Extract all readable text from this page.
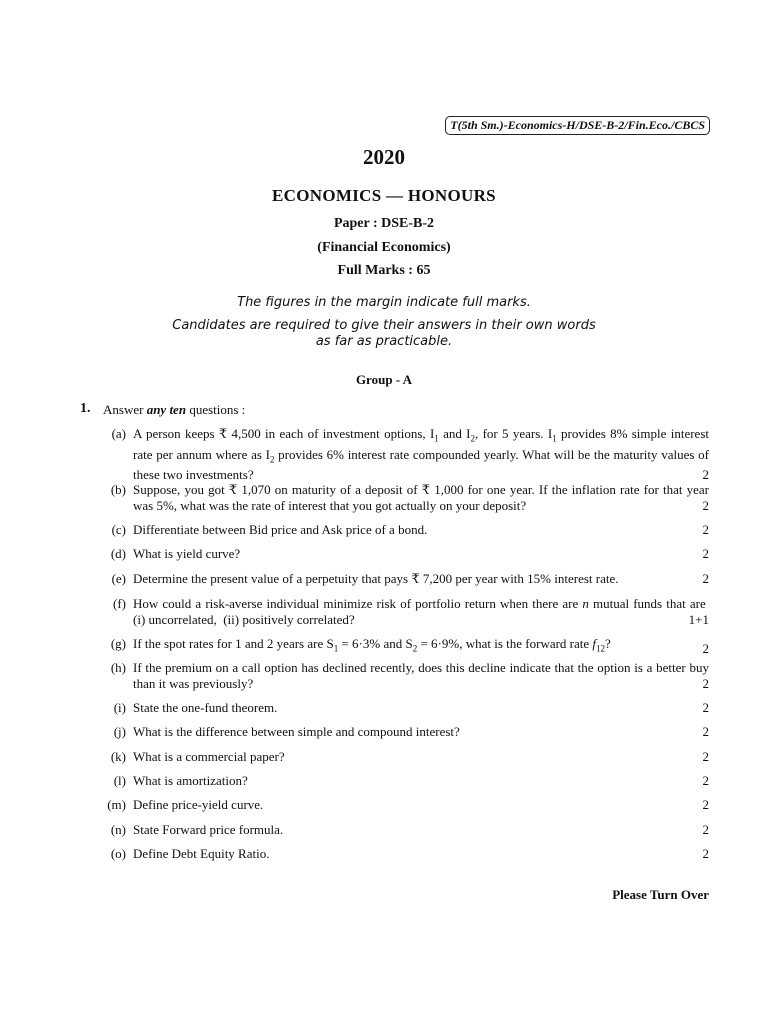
T(5th Sm.)-Economics-H/DSE-B-2/Fin.Eco./CBCS
2020
ECONOMICS — HONOURS
Paper : DSE-B-2
(Financial Economics)
Full Marks : 65
The figures in the margin indicate full marks.
Candidates are required to give their answers in their own words
as far as practicable.
Group - A
1. Answer any ten questions :
(a) A person keeps ₹ 4,500 in each of investment options, $I_1$ and $I_2$, for 5 years. $I_1$ provides 8% simple interest rate per annum where as $I_2$ provides 6% interest rate compounded yearly. What will be the maturity values of these two investments?	2
(b) Suppose, you got ₹ 1,070 on maturity of a deposit of ₹ 1,000 for one year. If the inflation rate for that year was 5%, what was the rate of interest that you got actually on your deposit?	2
(c) Differentiate between Bid price and Ask price of a bond.	2
(d) What is yield curve?	2
(e) Determine the present value of a perpetuity that pays ₹ 7,200 per year with 15% interest rate.	2
(f) How could a risk-averse individual minimize risk of portfolio return when there are n mutual funds that are  (i) uncorrelated,  (ii) positively correlated?	1+1
(g) If the spot rates for 1 and 2 years are $S_1 = 6\cdot 3\%$ and $S_2 = 6\cdot 9\%$, what is the forward rate $f_{12}$?	2
(h) If the premium on a call option has declined recently, does this decline indicate that the option is a better buy than it was previously?	2
(i) State the one-fund theorem.	2
(j) What is the difference between simple and compound interest?	2
(k) What is a commercial paper?	2
(l) What is amortization?	2
(m) Define price-yield curve.	2
(n) State Forward price formula.	2
(o) Define Debt Equity Ratio.	2
Please Turn Over
